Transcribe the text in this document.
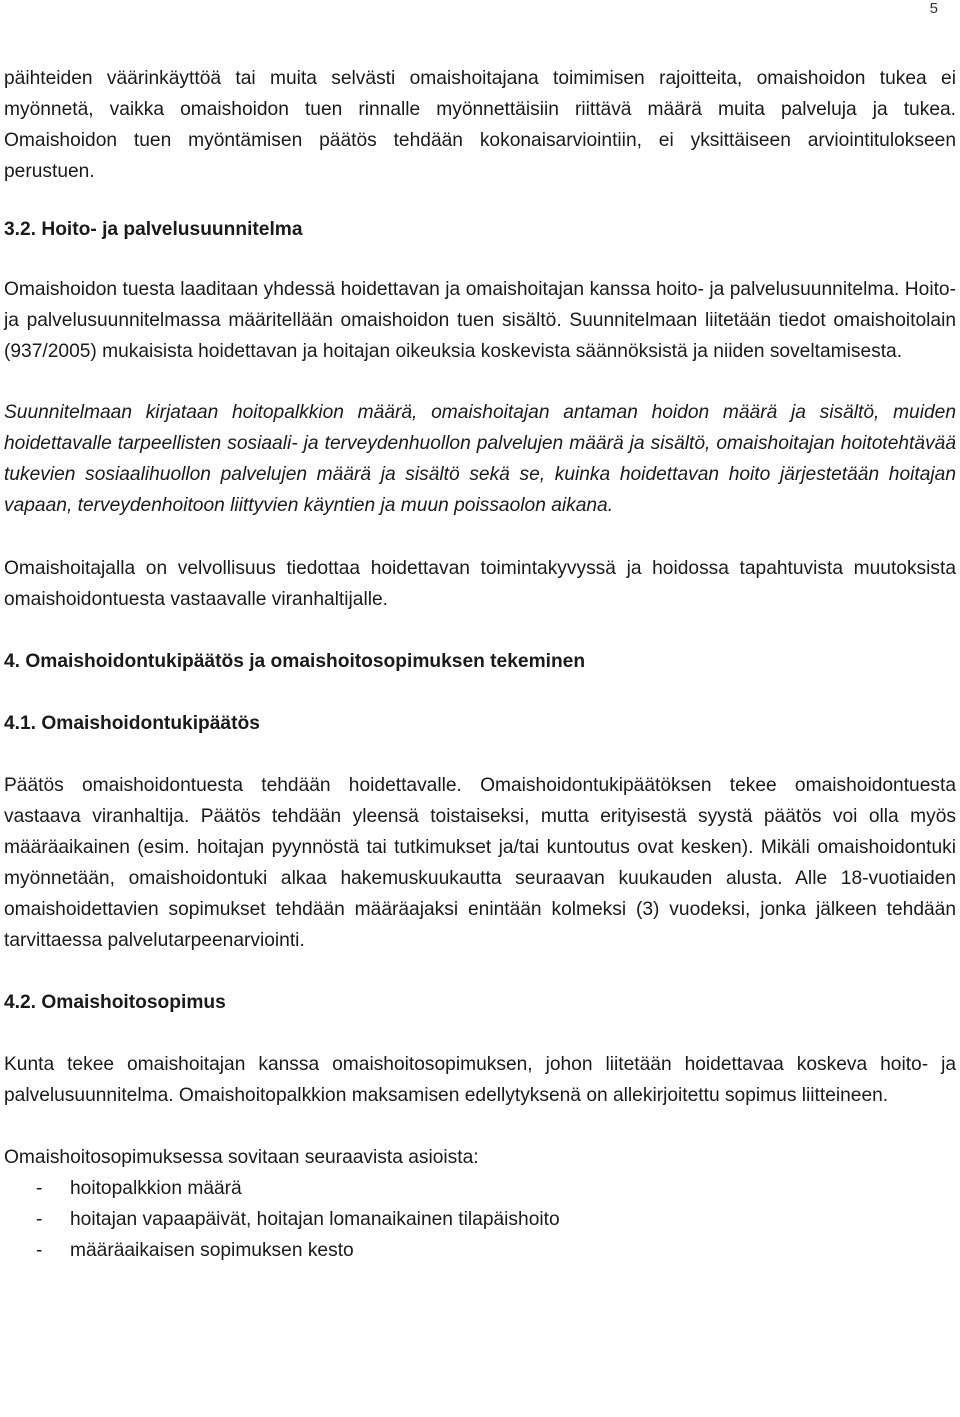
5

päihteiden väärinkäyttöä tai muita selvästi omaishoitajana toimimisen rajoitteita, omaishoidon tukea ei myönnetä, vaikka omaishoidon tuen rinnalle myönnettäisiin riittävä määrä muita palveluja ja tukea. Omaishoidon tuen myöntämisen päätös tehdään kokonaisarviointiin, ei yksittäiseen arviointitulokseen perustuen.

3.2. Hoito- ja palvelusuunnitelma

Omaishoidon tuesta laaditaan yhdessä hoidettavan ja omaishoitajan kanssa hoito- ja palvelusuunnitelma. Hoito- ja palvelusuunnitelmassa määritellään omaishoidon tuen sisältö. Suunnitelmaan liitetään tiedot omaishoitolain (937/2005) mukaisista hoidettavan ja hoitajan oikeuksia koskevista säännöksistä ja niiden soveltamisesta.

Suunnitelmaan kirjataan hoitopalkkion määrä, omaishoitajan antaman hoidon määrä ja sisältö, muiden hoidettavalle tarpeellisten sosiaali- ja terveydenhuollon palvelujen määrä ja sisältö, omaishoitajan hoitotehtävää tukevien sosiaalihuollon palvelujen määrä ja sisältö sekä se, kuinka hoidettavan hoito järjestetään hoitajan vapaan, terveydenhoitoon liittyvien käyntien ja muun poissaolon aikana.

Omaishoitajalla on velvollisuus tiedottaa hoidettavan toimintakyvyssä ja hoidossa tapahtuvista muutoksista omaishoidontuesta vastaavalle viranhaltijalle.

4. Omaishoidontukipäätös ja omaishoitosopimuksen tekeminen
4.1. Omaishoidontukipäätös

Päätös omaishoidontuesta tehdään hoidettavalle. Omaishoidontukipäätöksen tekee omaishoidontuesta vastaava viranhaltija. Päätös tehdään yleensä toistaiseksi, mutta erityisestä syystä päätös voi olla myös määräaikainen (esim. hoitajan pyynnöstä tai tutkimukset ja/tai kuntoutus ovat kesken). Mikäli omaishoidontuki myönnetään, omaishoidontuki alkaa hakemuskuukautta seuraavan kuukauden alusta. Alle 18-vuotiaiden omaishoidettavien sopimukset tehdään määräajaksi enintään kolmeksi (3) vuodeksi, jonka jälkeen tehdään tarvittaessa palvelutarpeenarviointi.

4.2. Omaishoitosopimus

Kunta tekee omaishoitajan kanssa omaishoitosopimuksen, johon liitetään hoidettavaa koskeva hoito- ja palvelusuunnitelma. Omaishoitopalkkion maksamisen edellytyksenä on allekirjoitettu sopimus liitteineen.

Omaishoitosopimuksessa sovitaan seuraavista asioista:

- hoitopalkkion määrä
- hoitajan vapaapäivät, hoitajan lomanaikainen tilapäishoito
- määräaikaisen sopimuksen kesto
